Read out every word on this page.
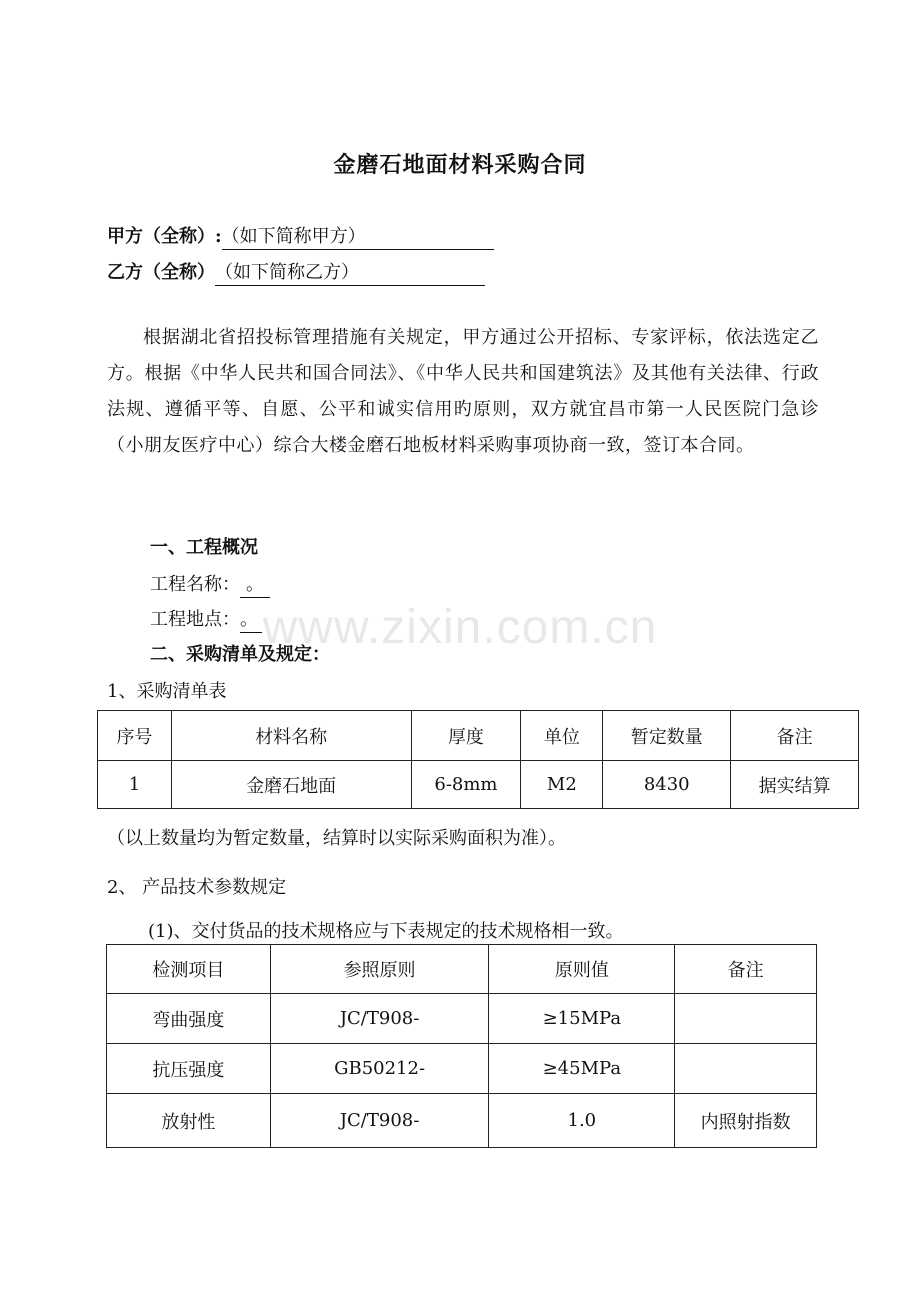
金磨石地面材料采购合同
甲方（全称）:（如下简称甲方）
乙方（全称）（如下简称乙方）
根据湖北省招投标管理措施有关规定，甲方通过公开招标、专家评标，依法选定乙方。根据《中华人民共和国合同法》、《中华人民共和国建筑法》及其他有关法律、行政法规、遵循平等、自愿、公平和诚实信用旳原则，双方就宜昌市第一人民医院门急诊（小朋友医疗中心）综合大楼金磨石地板材料采购事项协商一致，签订本合同。
一、工程概况
工程名称： 。
工程地点：。
二、采购清单及规定：
1、采购清单表
序号	材料名称	厚度	单位	暂定数量	备注
1	金磨石地面	6-8mm	M2	8430	据实结算
（以上数量均为暂定数量，结算时以实际采购面积为准）。
2、 产品技术参数规定
(1)、交付货品的技术规格应与下表规定的技术规格相一致。
检测项目	参照原则	原则值	备注
弯曲强度	JC/T908-	≥15MPa	
抗压强度	GB50212-	≥45MPa	
放射性	JC/T908-	1.0	内照射指数
www.zixin.com.cn
